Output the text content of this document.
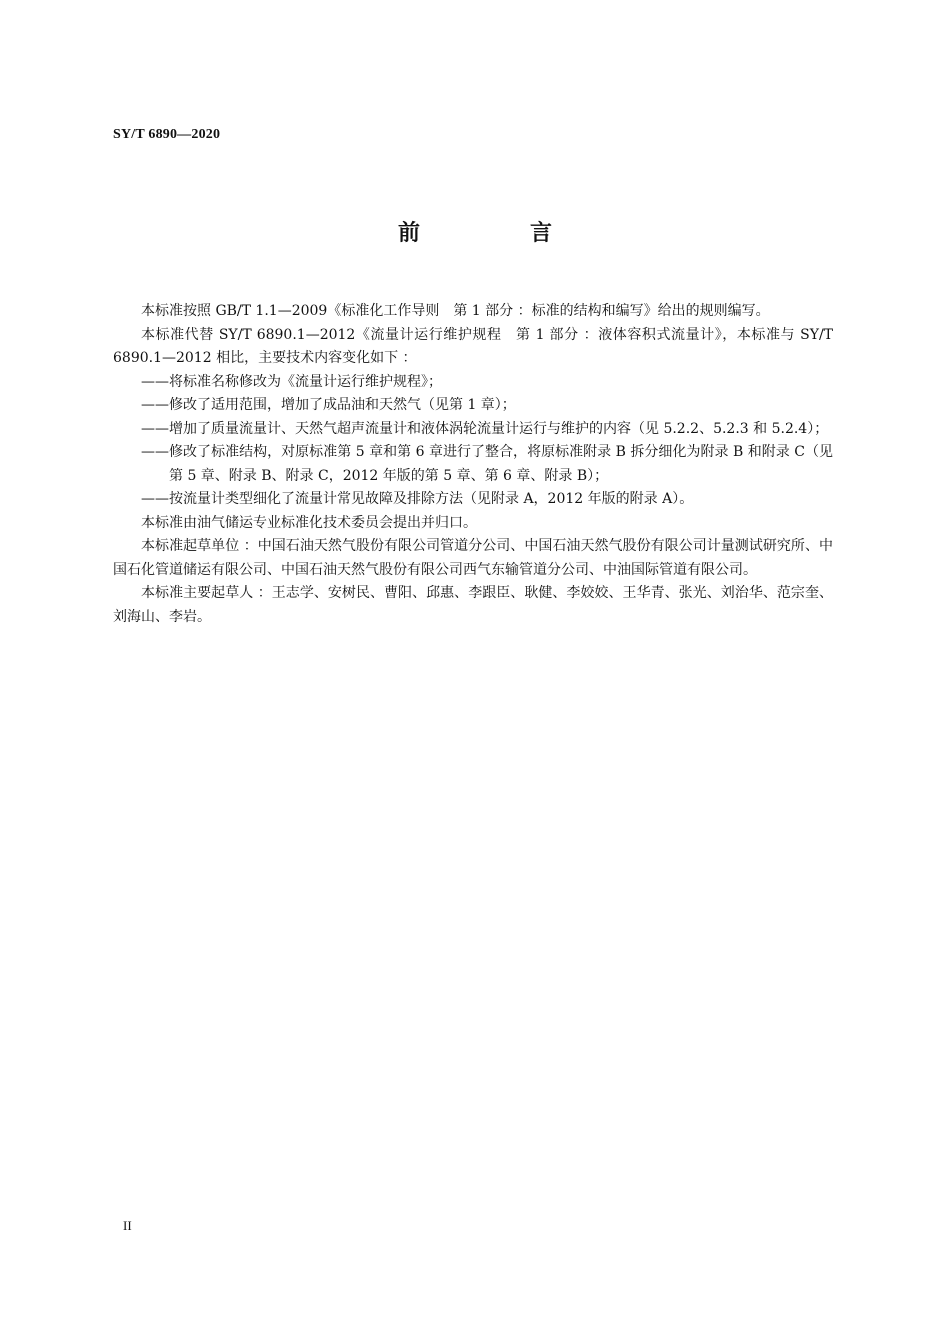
SY/T 6890—2020
前　言

本标准按照 GB/T 1.1—2009《标准化工作导则　第 1 部分 ：标准的结构和编写》给出的规则编写。

本标准代替 SY/T 6890.1—2012《流量计运行维护规程　第 1 部分 ：液体容积式流量计》，本标准与 SY/T 6890.1—2012 相比，主要技术内容变化如下 ：

——将标准名称修改为《流量计运行维护规程》；

——修改了适用范围，增加了成品油和天然气（见第 1 章）；

——增加了质量流量计、天然气超声流量计和液体涡轮流量计运行与维护的内容（见 5.2.2、5.2.3 和 5.2.4）；

——修改了标准结构，对原标准第 5 章和第 6 章进行了整合，将原标准附录 B 拆分细化为附录 B 和附录 C（见第 5 章、附录 B、附录 C，2012 年版的第 5 章、第 6 章、附录 B）；

——按流量计类型细化了流量计常见故障及排除方法（见附录 A，2012 年版的附录 A）。

本标准由油气储运专业标准化技术委员会提出并归口。

本标准起草单位 ：中国石油天然气股份有限公司管道分公司、中国石油天然气股份有限公司计量测试研究所、中国石化管道储运有限公司、中国石油天然气股份有限公司西气东输管道分公司、中油国际管道有限公司。

本标准主要起草人 ：王志学、安树民、曹阳、邱惠、李跟臣、耿健、李姣姣、王华青、张光、刘治华、范宗奎、刘海山、李岩。

II
